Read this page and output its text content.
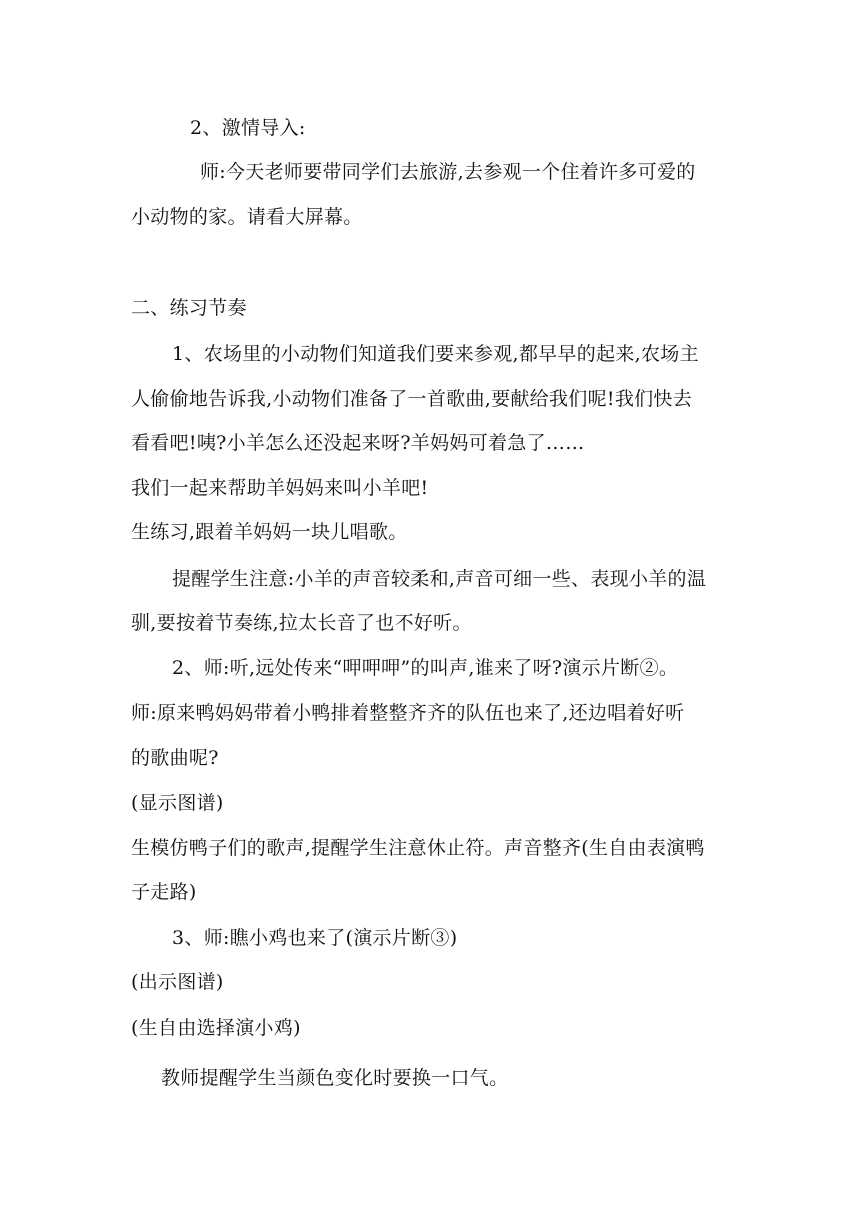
2、激情导入:
师:今天老师要带同学们去旅游,去参观一个住着许多可爱的
小动物的家。请看大屏幕。
二、练习节奏
1、农场里的小动物们知道我们要来参观,都早早的起来,农场主
人偷偷地告诉我,小动物们准备了一首歌曲,要献给我们呢!我们快去
看看吧!咦?小羊怎么还没起来呀?羊妈妈可着急了……
我们一起来帮助羊妈妈来叫小羊吧!
生练习,跟着羊妈妈一块儿唱歌。
提醒学生注意:小羊的声音较柔和,声音可细一些、表现小羊的温
驯,要按着节奏练,拉太长音了也不好听。
2、师:听,远处传来“呷呷呷”的叫声,谁来了呀?演示片断②。
师:原来鸭妈妈带着小鸭排着整整齐齐的队伍也来了,还边唱着好听
的歌曲呢?
(显示图谱)
生模仿鸭子们的歌声,提醒学生注意休止符。声音整齐(生自由表演鸭
子走路)
3、师:瞧小鸡也来了(演示片断③)
(出示图谱)
(生自由选择演小鸡)
教师提醒学生当颜色变化时要换一口气。
